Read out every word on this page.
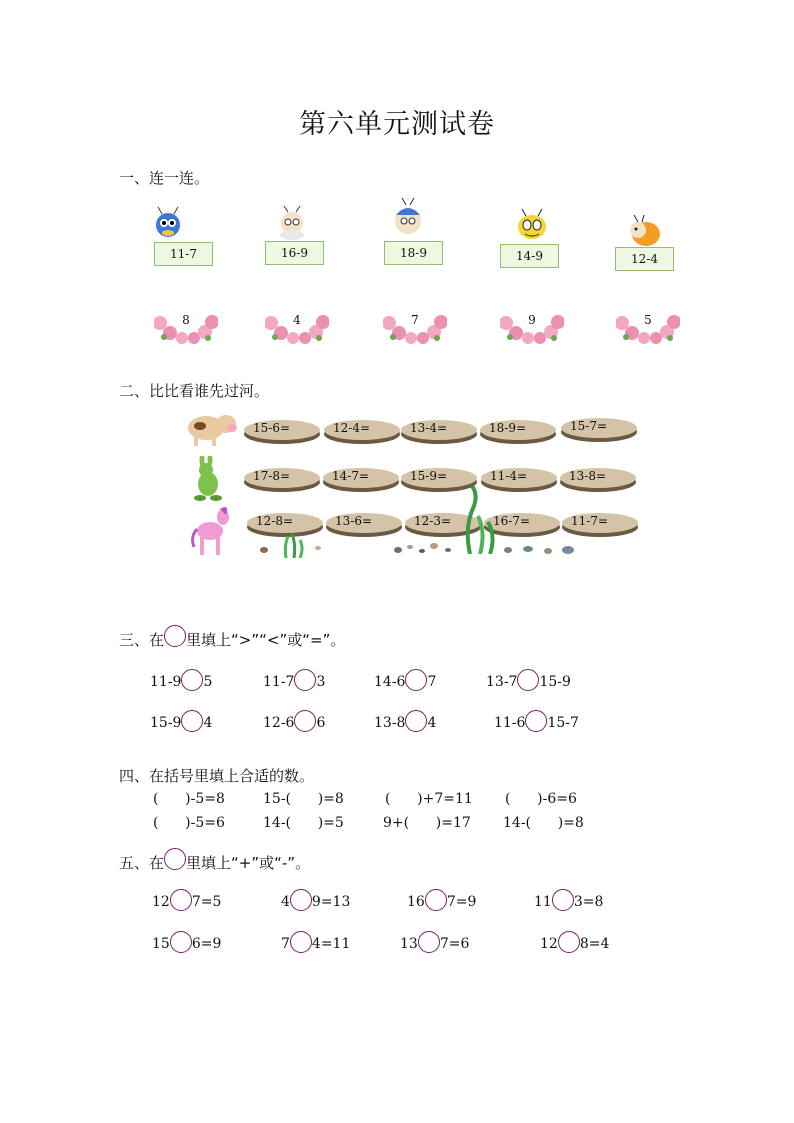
第六单元测试卷
一、连一连。
11-7	16-9	18-9	14-9	12-4
8	4	7	9	5
二、比比看谁先过河。
15-6=	12-4=	13-4=	18-9=	15-7=
17-8=	14-7=	15-9=	11-4=	13-8=
12-8=	13-6=	12-3=	16-7=	11-7=
三、在 里填上“>”“<”或“=”。
11-9 5	11-7 3	14-6 7	13-7 15-9
15-9 4	12-6 6	13-8 4	11-6 15-7
四、在括号里填上合适的数。
(      )-5=8	15-(      )=8	(      )+7=11 (      )-6=6
(      )-5=6	14-(      )=5	9+(      )=17 14-(      )=8
五、在 里填上“+”或“-”。
12 7=5	4 9=13	16 7=9	11 3=8
15 6=9	7 4=11	13 7=6	12 8=4
